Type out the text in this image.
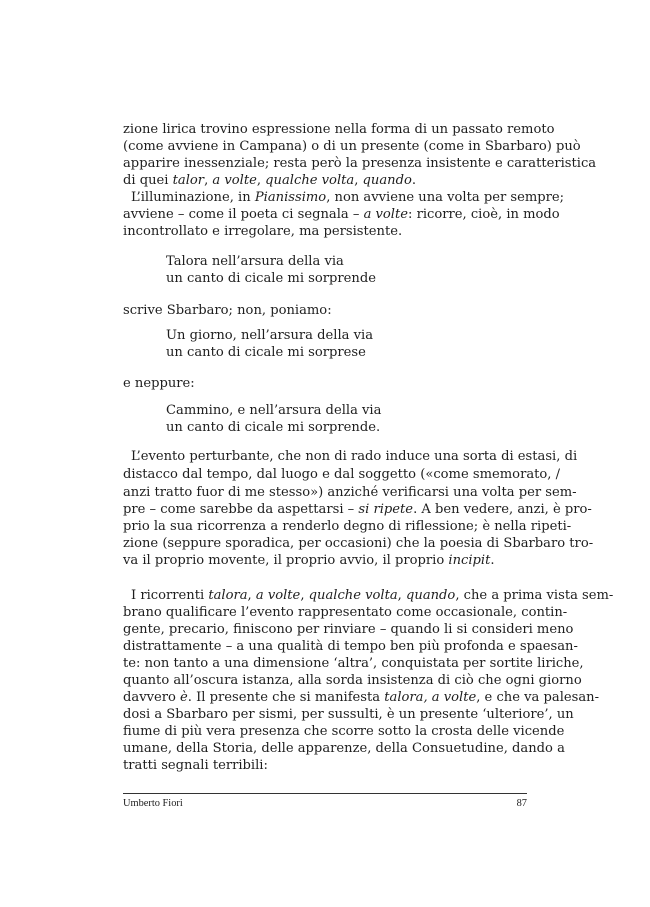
zione lirica trovino espressione nella forma di un passato remoto
(come avviene in Campana) o di un presente (come in Sbarbaro) può
apparire inessenziale; resta però la presenza insistente e caratteristica
di quei talor, a volte, qualche volta, quando.
L’illuminazione, in Pianissimo, non avviene una volta per sempre;
avviene – come il poeta ci segnala – a volte: ricorre, cioè, in modo
incontrollato e irregolare, ma persistente.
Talora nell’arsura della via
un canto di cicale mi sorprende
scrive Sbarbaro; non, poniamo:
Un giorno, nell’arsura della via
un canto di cicale mi sorprese
e neppure:
Cammino, e nell’arsura della via
un canto di cicale mi sorprende.
L’evento perturbante, che non di rado induce una sorta di estasi, di
distacco dal tempo, dal luogo e dal soggetto («come smemorato, /
anzi tratto fuor di me stesso») anziché verificarsi una volta per sem-
pre – come sarebbe da aspettarsi – si ripete. A ben vedere, anzi, è pro-
prio la sua ricorrenza a renderlo degno di riflessione; è nella ripeti-
zione (seppure sporadica, per occasioni) che la poesia di Sbarbaro tro-
va il proprio movente, il proprio avvio, il proprio incipit.
I ricorrenti talora, a volte, qualche volta, quando, che a prima vista sem-
brano qualificare l’evento rappresentato come occasionale, contin-
gente, precario, finiscono per rinviare – quando li si consideri meno
distrattamente – a una qualità di tempo ben più profonda e spaesan-
te: non tanto a una dimensione ‘altra’, conquistata per sortite liriche,
quanto all’oscura istanza, alla sorda insistenza di ciò che ogni giorno
davvero è. Il presente che si manifesta talora, a volte, e che va palesan-
dosi a Sbarbaro per sismi, per sussulti, è un presente ‘ulteriore’, un
fiume di più vera presenza che scorre sotto la crosta delle vicende
umane, della Storia, delle apparenze, della Consuetudine, dando a
tratti segnali terribili:
Umberto Fiori	87
